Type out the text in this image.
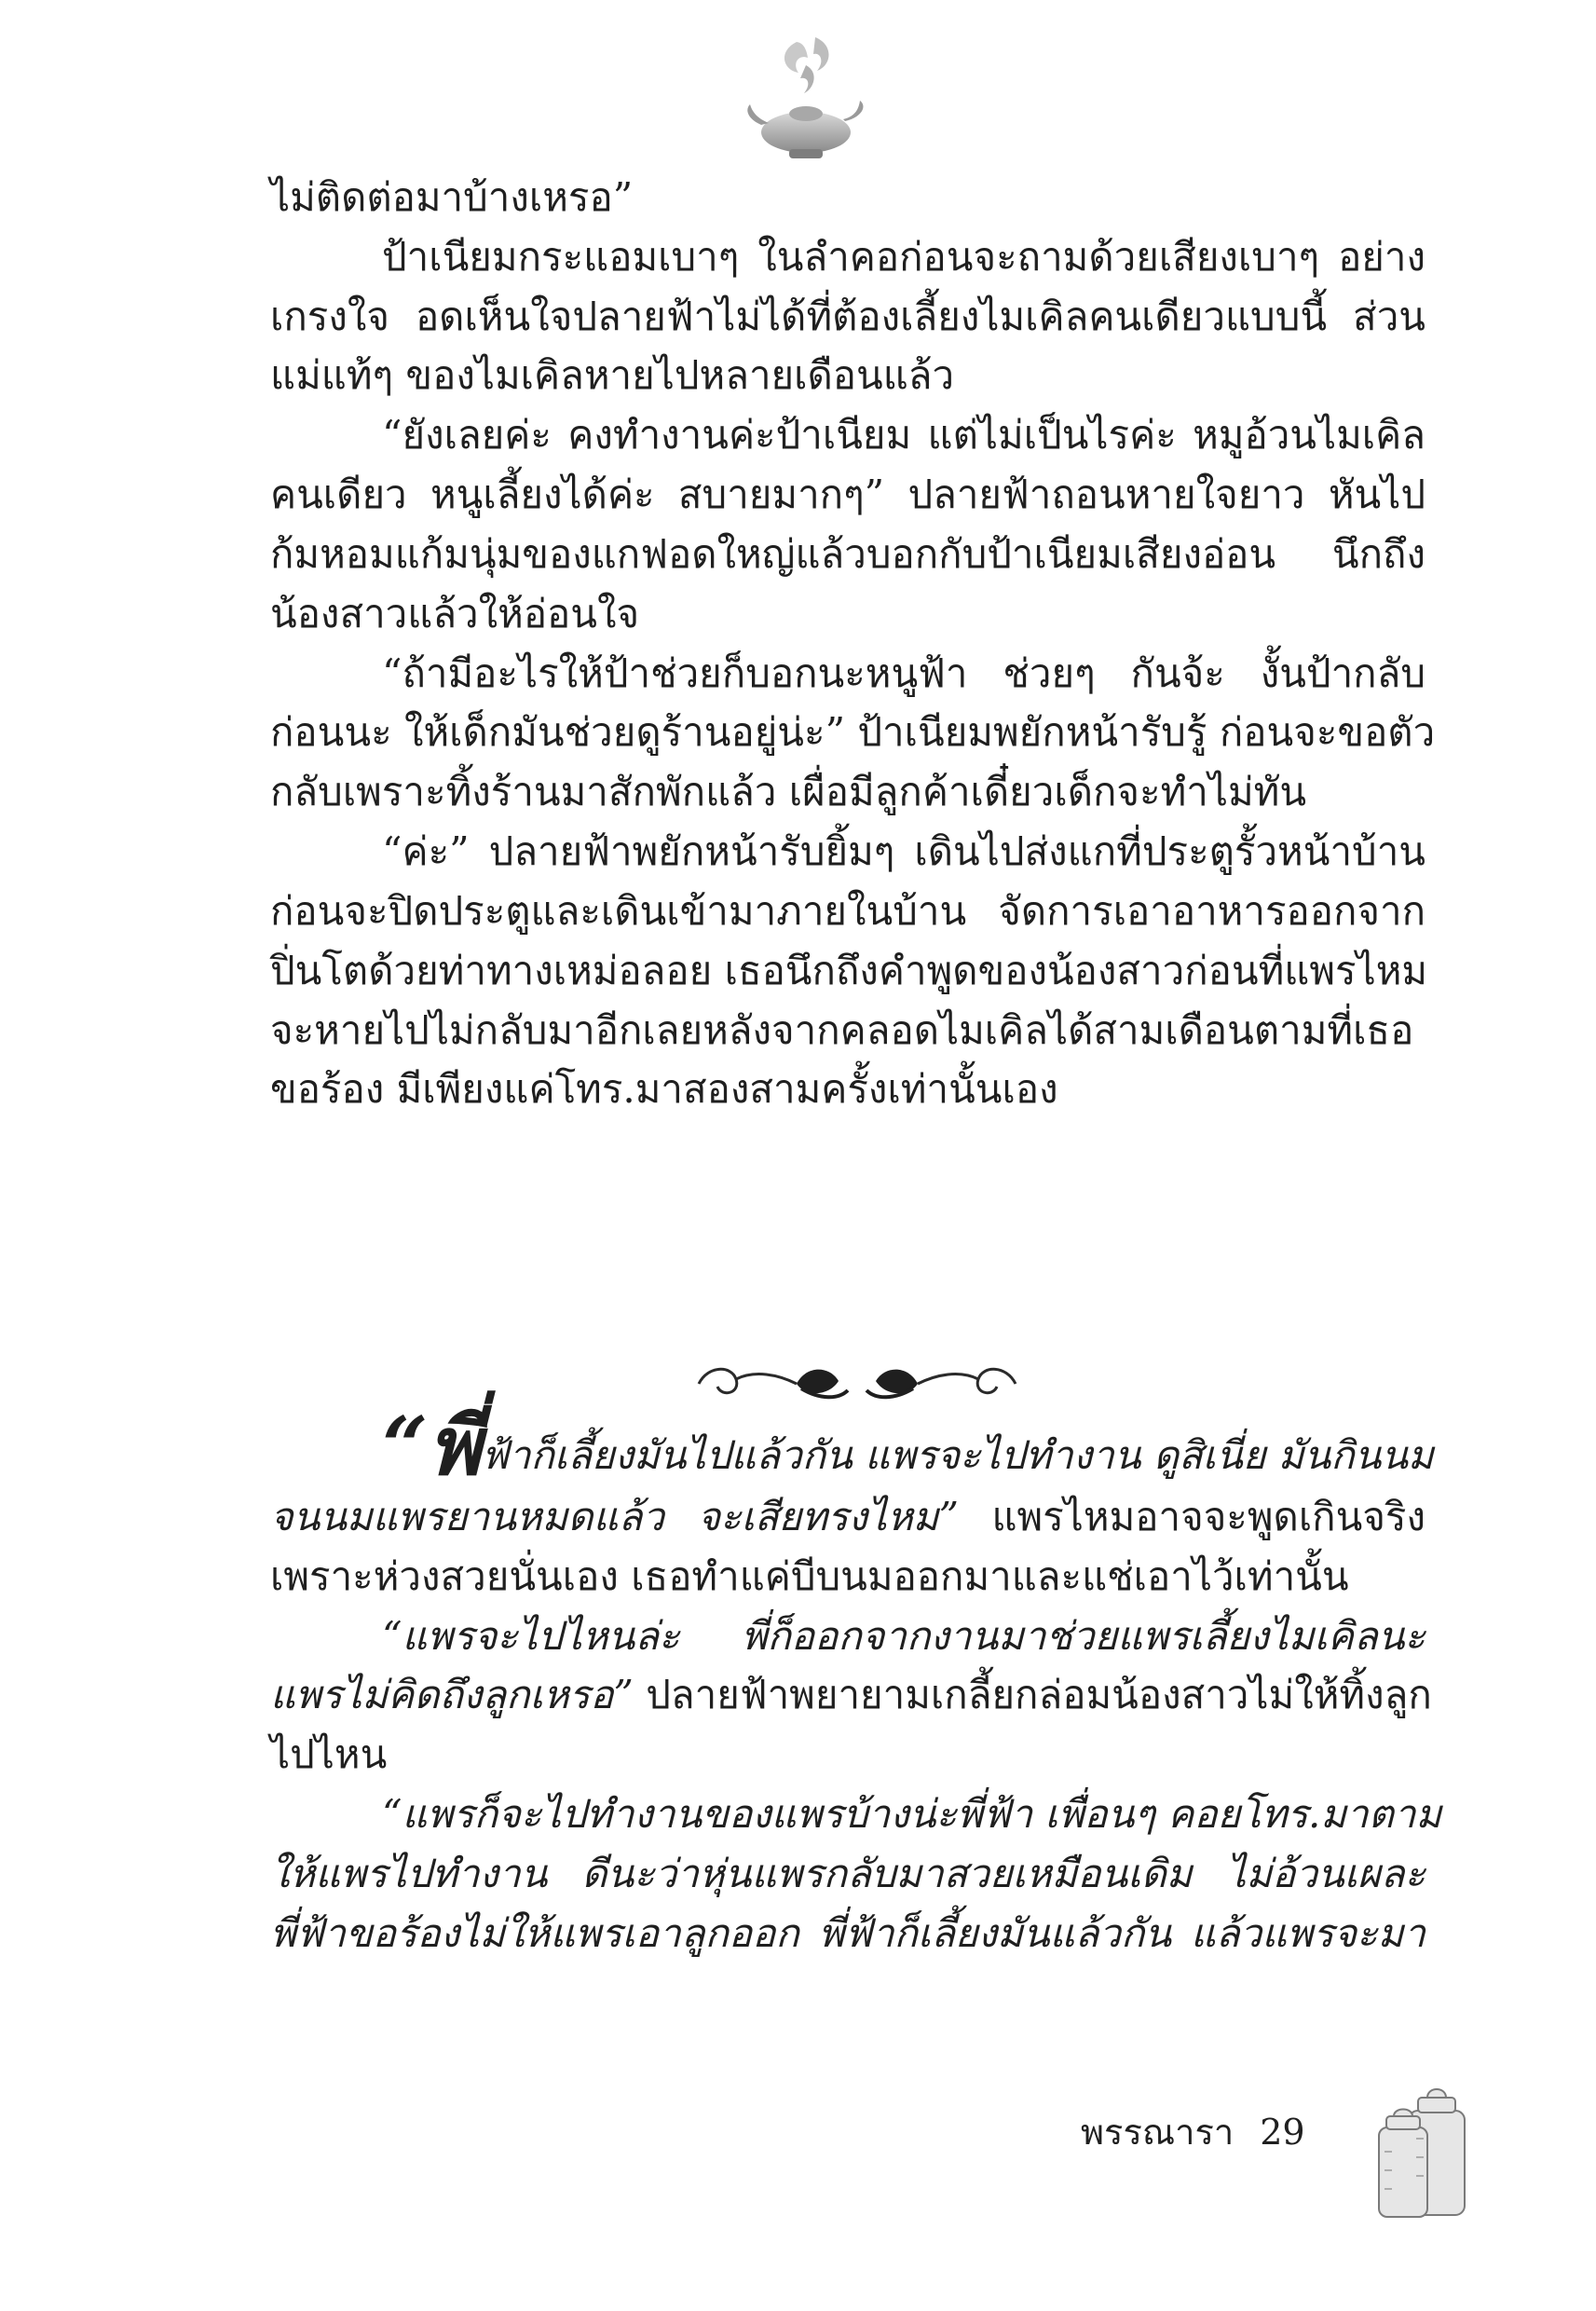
ไม่ติดต่อมาบ้างเหรอ”
ป้าเนียมกระแอมเบาๆ ในลำคอก่อนจะถามด้วยเสียงเบาๆ อย่าง
เกรงใจ อดเห็นใจปลายฟ้าไม่ได้ที่ต้องเลี้ยงไมเคิลคนเดียวแบบนี้ ส่วน
แม่แท้ๆ ของไมเคิลหายไปหลายเดือนแล้ว
“ยังเลยค่ะ คงทำงานค่ะป้าเนียม แต่ไม่เป็นไรค่ะ หมูอ้วนไมเคิล
คนเดียว หนูเลี้ยงได้ค่ะ สบายมากๆ” ปลายฟ้าถอนหายใจยาว หันไป
ก้มหอมแก้มนุ่มของแกฟอดใหญ่แล้วบอกกับป้าเนียมเสียงอ่อน นึกถึง
น้องสาวแล้วให้อ่อนใจ
“ถ้ามีอะไรให้ป้าช่วยก็บอกนะหนูฟ้า ช่วยๆ กันจ้ะ งั้นป้ากลับ
ก่อนนะ ให้เด็กมันช่วยดูร้านอยู่น่ะ” ป้าเนียมพยักหน้ารับรู้ ก่อนจะขอตัว
กลับเพราะทิ้งร้านมาสักพักแล้ว เผื่อมีลูกค้าเดี๋ยวเด็กจะทำไม่ทัน
“ค่ะ” ปลายฟ้าพยักหน้ารับยิ้มๆ เดินไปส่งแกที่ประตูรั้วหน้าบ้าน
ก่อนจะปิดประตูและเดินเข้ามาภายในบ้าน จัดการเอาอาหารออกจาก
ปิ่นโตด้วยท่าทางเหม่อลอย เธอนึกถึงคำพูดของน้องสาวก่อนที่แพรไหม
จะหายไปไม่กลับมาอีกเลยหลังจากคลอดไมเคิลได้สามเดือนตามที่เธอ
ขอร้อง มีเพียงแค่โทร.มาสองสามครั้งเท่านั้นเอง
“พี่ฟ้าก็เลี้ยงมันไปแล้วกัน แพรจะไปทำงาน ดูสิเนี่ย มันกินนม
จนนมแพรยานหมดแล้ว จะเสียทรงไหม” แพรไหมอาจจะพูดเกินจริง
เพราะห่วงสวยนั่นเอง เธอทำแค่บีบนมออกมาและแช่เอาไว้เท่านั้น
“แพรจะไปไหนล่ะ พี่ก็ออกจากงานมาช่วยแพรเลี้ยงไมเคิลนะ
แพรไม่คิดถึงลูกเหรอ” ปลายฟ้าพยายามเกลี้ยกล่อมน้องสาวไม่ให้ทิ้งลูก
ไปไหน
“แพรก็จะไปทำงานของแพรบ้างน่ะพี่ฟ้า เพื่อนๆ คอยโทร.มาตาม
ให้แพรไปทำงาน ดีนะว่าหุ่นแพรกลับมาสวยเหมือนเดิม ไม่อ้วนเผละ
พี่ฟ้าขอร้องไม่ให้แพรเอาลูกออก พี่ฟ้าก็เลี้ยงมันแล้วกัน แล้วแพรจะมา
พรรณารา 29
